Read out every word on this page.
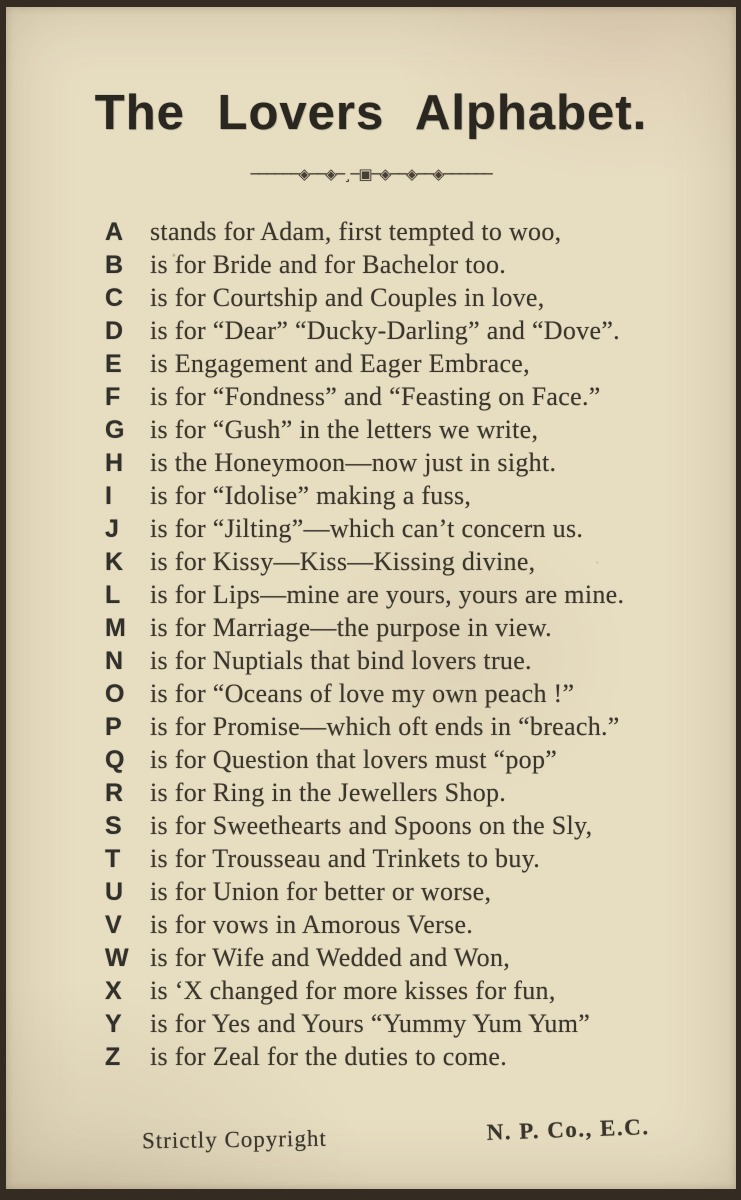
The Lovers Alphabet.
──────◈──◈─¸─▣─◈──◈──◈──────
A	stands for Adam, first tempted to woo,
B	is for Bride and for Bachelor too.
C	is for Courtship and Couples in love,
D	is for “Dear” “Ducky-Darling” and “Dove”.
E	is Engagement and Eager Embrace,
F	is for “Fondness” and “Feasting on Face.”
G is for “Gush” in the letters we write,
H	is the Honeymoon—now just in sight.
I	is for “Idolise” making a fuss,
J	is for “Jilting”—which can’t concern us.
K	is for Kissy—Kiss—Kissing divine,
L	is for Lips—mine are yours, yours are mine.
M is for Marriage—the purpose in view.
N	is for Nuptials that bind lovers true.
O is for “Oceans of love my own peach !”
P	is for Promise—which oft ends in “breach.”
Q is for Question that lovers must “pop”
R	is for Ring in the Jewellers Shop.
S	is for Sweethearts and Spoons on the Sly,
T	is for Trousseau and Trinkets to buy.
U	is for Union for better or worse,
V	is for vows in Amorous Verse.
W is for Wife and Wedded and Won,
X	is ‘X changed for more kisses for fun,
Y	is for Yes and Yours “Yummy Yum Yum”
Z	is for Zeal for the duties to come.
Strictly Copyright	N. P. Co., E.C.
